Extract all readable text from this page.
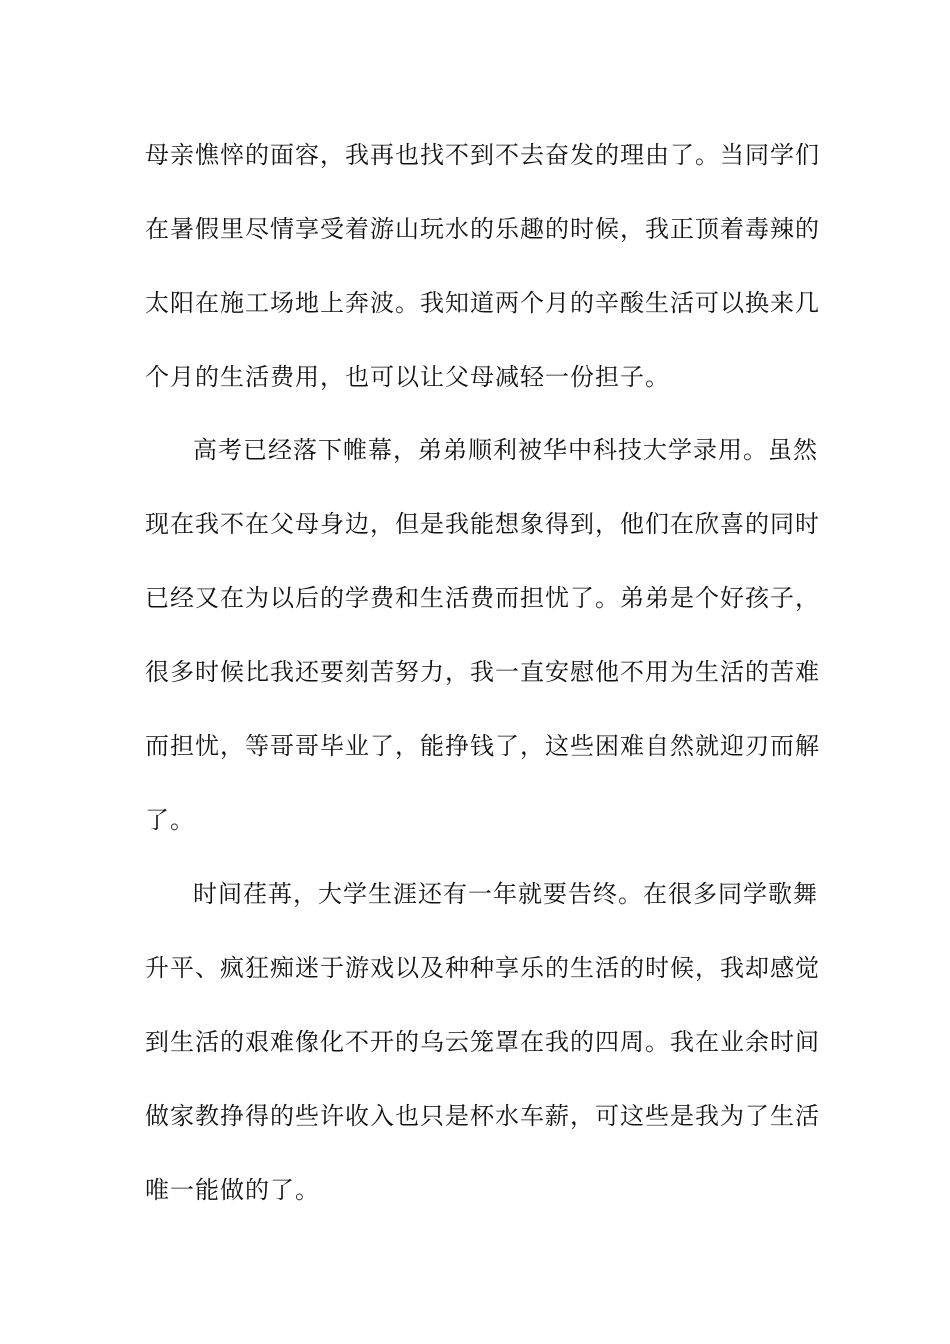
母亲憔悴的面容，我再也找不到不去奋发的理由了。当同学们
在暑假里尽情享受着游山玩水的乐趣的时候，我正顶着毒辣的
太阳在施工场地上奔波。我知道两个月的辛酸生活可以换来几
个月的生活费用，也可以让父母减轻一份担子。
高考已经落下帷幕，弟弟顺利被华中科技大学录用。虽然
现在我不在父母身边，但是我能想象得到，他们在欣喜的同时
已经又在为以后的学费和生活费而担忧了。弟弟是个好孩子，
很多时候比我还要刻苦努力，我一直安慰他不用为生活的苦难
而担忧，等哥哥毕业了，能挣钱了，这些困难自然就迎刃而解
了。
时间荏苒，大学生涯还有一年就要告终。在很多同学歌舞
升平、疯狂痴迷于游戏以及种种享乐的生活的时候，我却感觉
到生活的艰难像化不开的乌云笼罩在我的四周。我在业余时间
做家教挣得的些许收入也只是杯水车薪，可这些是我为了生活
唯一能做的了。
